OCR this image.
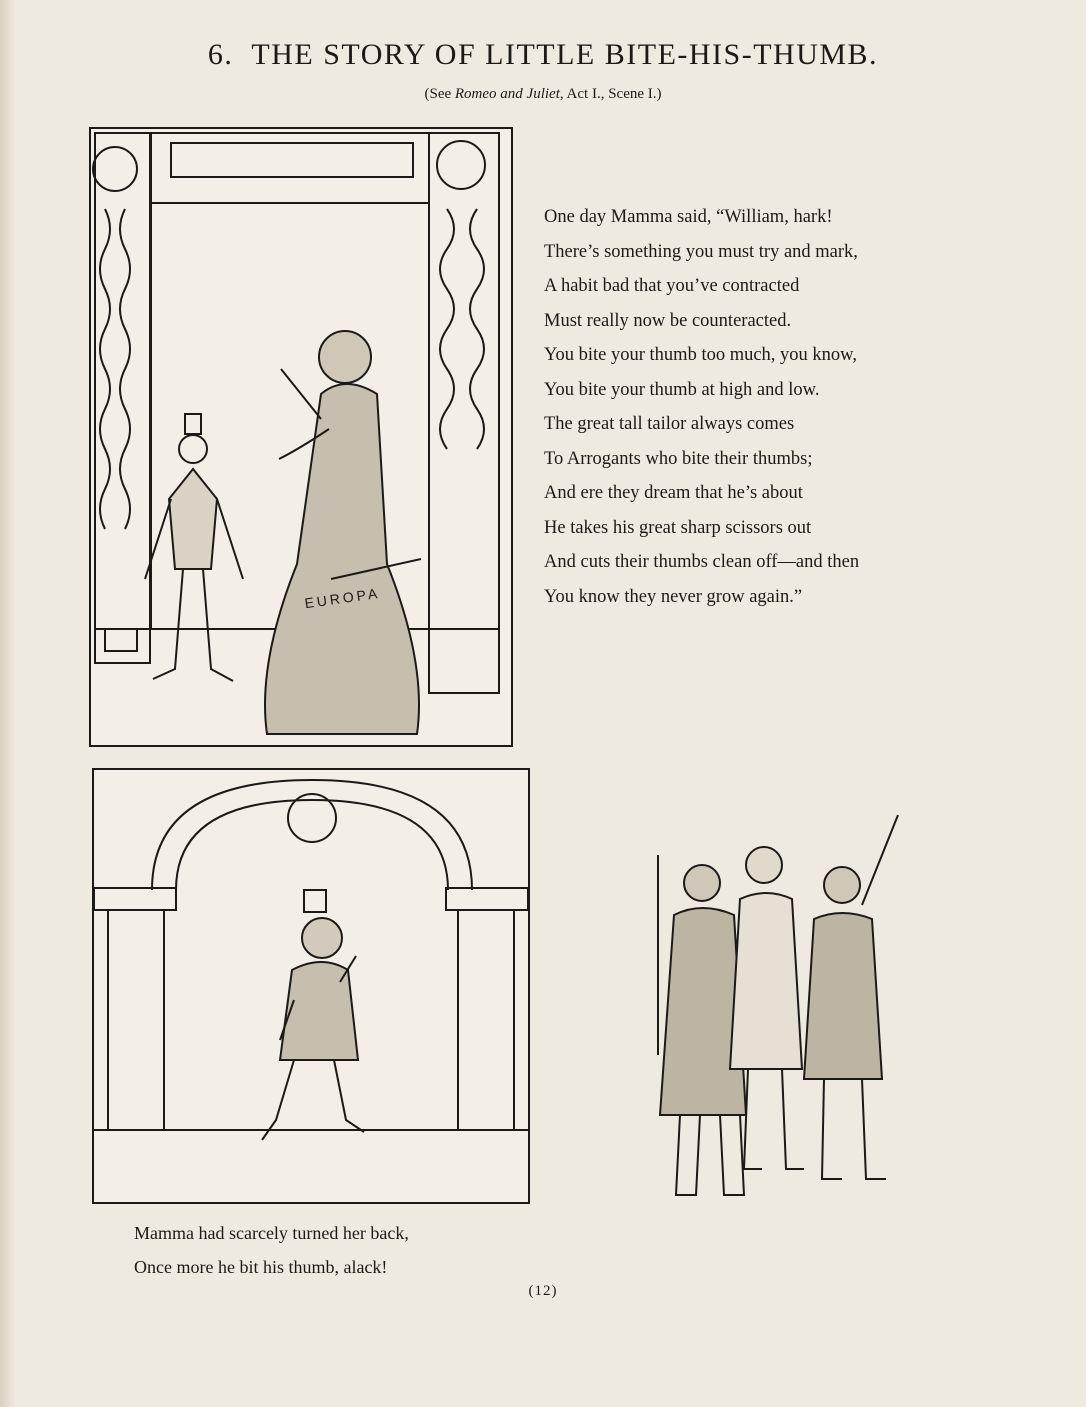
6. THE STORY OF LITTLE BITE-HIS-THUMB.
(See Romeo and Juliet, Act I., Scene I.)
EUROPA
One day Mamma said, “William, hark!
There’s something you must try and mark,
A habit bad that you’ve contracted
Must really now be counteracted.
You bite your thumb too much, you know,
You bite your thumb at high and low.
The great tall tailor always comes
To Arrogants who bite their thumbs;
And ere they dream that he’s about
He takes his great sharp scissors out
And cuts their thumbs clean off—and then
You know they never grow again.”
Mamma had scarcely turned her back,
Once more he bit his thumb, alack!
(12)
